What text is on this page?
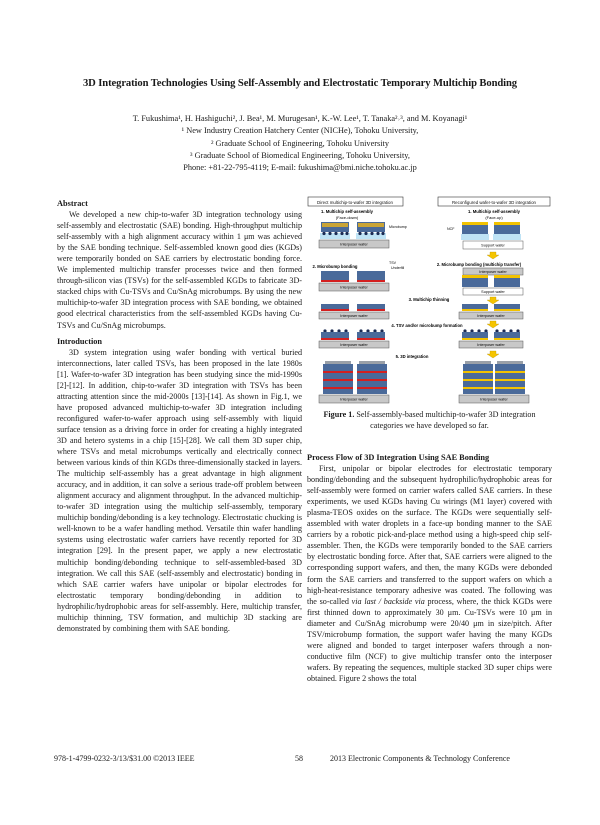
3D Integration Technologies Using Self-Assembly and Electrostatic Temporary Multichip Bonding
T. Fukushima¹, H. Hashiguchi², J. Bea¹, M. Murugesan¹, K.-W. Lee¹, T. Tanaka²˒³, and M. Koyanagi¹
¹ New Industry Creation Hatchery Center (NICHe), Tohoku University,
² Graduate School of Engineering, Tohoku University
³ Graduate School of Biomedical Engineering, Tohoku University,
Phone: +81-22-795-4119; E-mail: fukushima@bmi.niche.tohoku.ac.jp

Abstract

We developed a new chip-to-wafer 3D integration technology using self-assembly and electrostatic (SAE) bonding. High-throughput multichip self-assembly with a high alignment accuracy within 1 μm was achieved by the SAE bonding technique. Self-assembled known good dies (KGDs) were temporarily bonded on SAE carriers by electrostatic bonding force. We implemented multichip transfer processes twice and then formed through-silicon vias (TSVs) for the self-assembled KGDs to fabricate 3D-stacked chips with Cu-TSVs and Cu/SnAg microbumps. By using the new multichip-to-wafer 3D integration process with SAE bonding, we obtained good electrical characteristics from the self-assembled KGDs having Cu-TSVs and Cu/SnAg microbumps.

Introduction

3D system integration using wafer bonding with vertical buried interconnections, later called TSVs, has been proposed in the late 1980s [1]. Wafer-to-wafer 3D integration has been studying since the mid-1990s [2]-[12]. In addition, chip-to-wafer 3D integration with TSVs has been attracting attention since the mid-2000s [13]-[14]. As shown in Fig.1, we have proposed advanced multichip-to-wafer 3D integration including reconfigured wafer-to-wafer approach using self-assembly with liquid surface tension as a driving force in order for creating a highly integrated 3D and hetero systems in a chip [15]-[28]. We call them 3D super chip, where TSVs and metal microbumps vertically and electrically connect between various kinds of thin KGDs three-dimensionally stacked in layers. The multichip self-assembly has a great advantage in high alignment accuracy, and in addition, it can solve a serious trade-off problem between alignment accuracy and alignment throughput. In the advanced multichip-to-wafer 3D integration using the multichip self-assembly, temporary multichip bonding/debonding is a key technology. Electrostatic chucking is well-known to be a wafer handling method. Versatile thin wafer handling systems using electrostatic wafer carriers have recently reported for 3D integration [29]. In the present paper, we apply a new electrostatic multichip bonding/debonding technique to self-assembled-based 3D integration. We call this SAE (self-assembly and electrostatic) bonding in which SAE carrier wafers have unipolar or bipolar electrodes for electrostatic temporary bonding/debonding in addition to hydrophilic/hydrophobic areas for self-assembly. Here, multichip transfer, multichip thinning, TSV formation, and multichip 3D stacking are demonstrated by combining them with SAE bonding.

Direct multichip-to-wafer 3D integration	Reconfigured wafer-to-wafer 3D integration
1. Multichip self-assembly
(Face-down)
Microbump
Interposer wafer
1. Multichip self-assembly
(Face-up)
NCF
Support wafer
2. Microbump bonding (multichip transfer)
Interposer wafer
Support wafer
2. Microbump bonding
TSV
Underfill
Interposer wafer
3. Multichip thinning
Interposer wafer	Interposer wafer
4. TSV and/or microbump formation
Interposer wafer	Interposer wafer
5. 3D integration
Interposer wafer	Interposer wafer
Figure 1. Self-assembly-based multichip-to-wafer 3D integration categories we have developed so far.

Process Flow of 3D Integration Using SAE Bonding

First, unipolar or bipolar electrodes for electrostatic temporary bonding/debonding and the subsequent hydrophilic/hydrophobic areas for self-assembly were formed on carrier wafers called SAE carriers. In these experiments, we used KGDs having Cu wirings (M1 layer) covered with plasma-TEOS oxides on the surface. The KGDs were sequentially self-assembled with water droplets in a face-up bonding manner to the SAE carriers by a robotic pick-and-place method using a high-speed chip self-assembler. Then, the KGDs were temporarily bonded to the SAE carriers by electrostatic bonding force. After that, SAE carriers were aligned to the corresponding support wafers, and then, the many KGDs were debonded form the SAE carriers and transferred to the support wafers on which a high-heat-resistance temporary adhesive was coated. The following was the so-called via last / backside via process, where, the thick KGDs were first thinned down to approximately 30 μm. Cu-TSVs were 10 μm in diameter and Cu/SnAg microbump were 20/40 μm in size/pitch. After TSV/microbump formation, the support wafer having the many KGDs were aligned and bonded to target interposer wafers through a non-conductive film (NCF) to give multichip transfer onto the interposer wafers. By repeating the sequences, multiple stacked 3D super chips were obtained. Figure 2 shows the total

978-1-4799-0232-3/13/$31.00 ©2013 IEEE	58	2013 Electronic Components & Technology Conference
